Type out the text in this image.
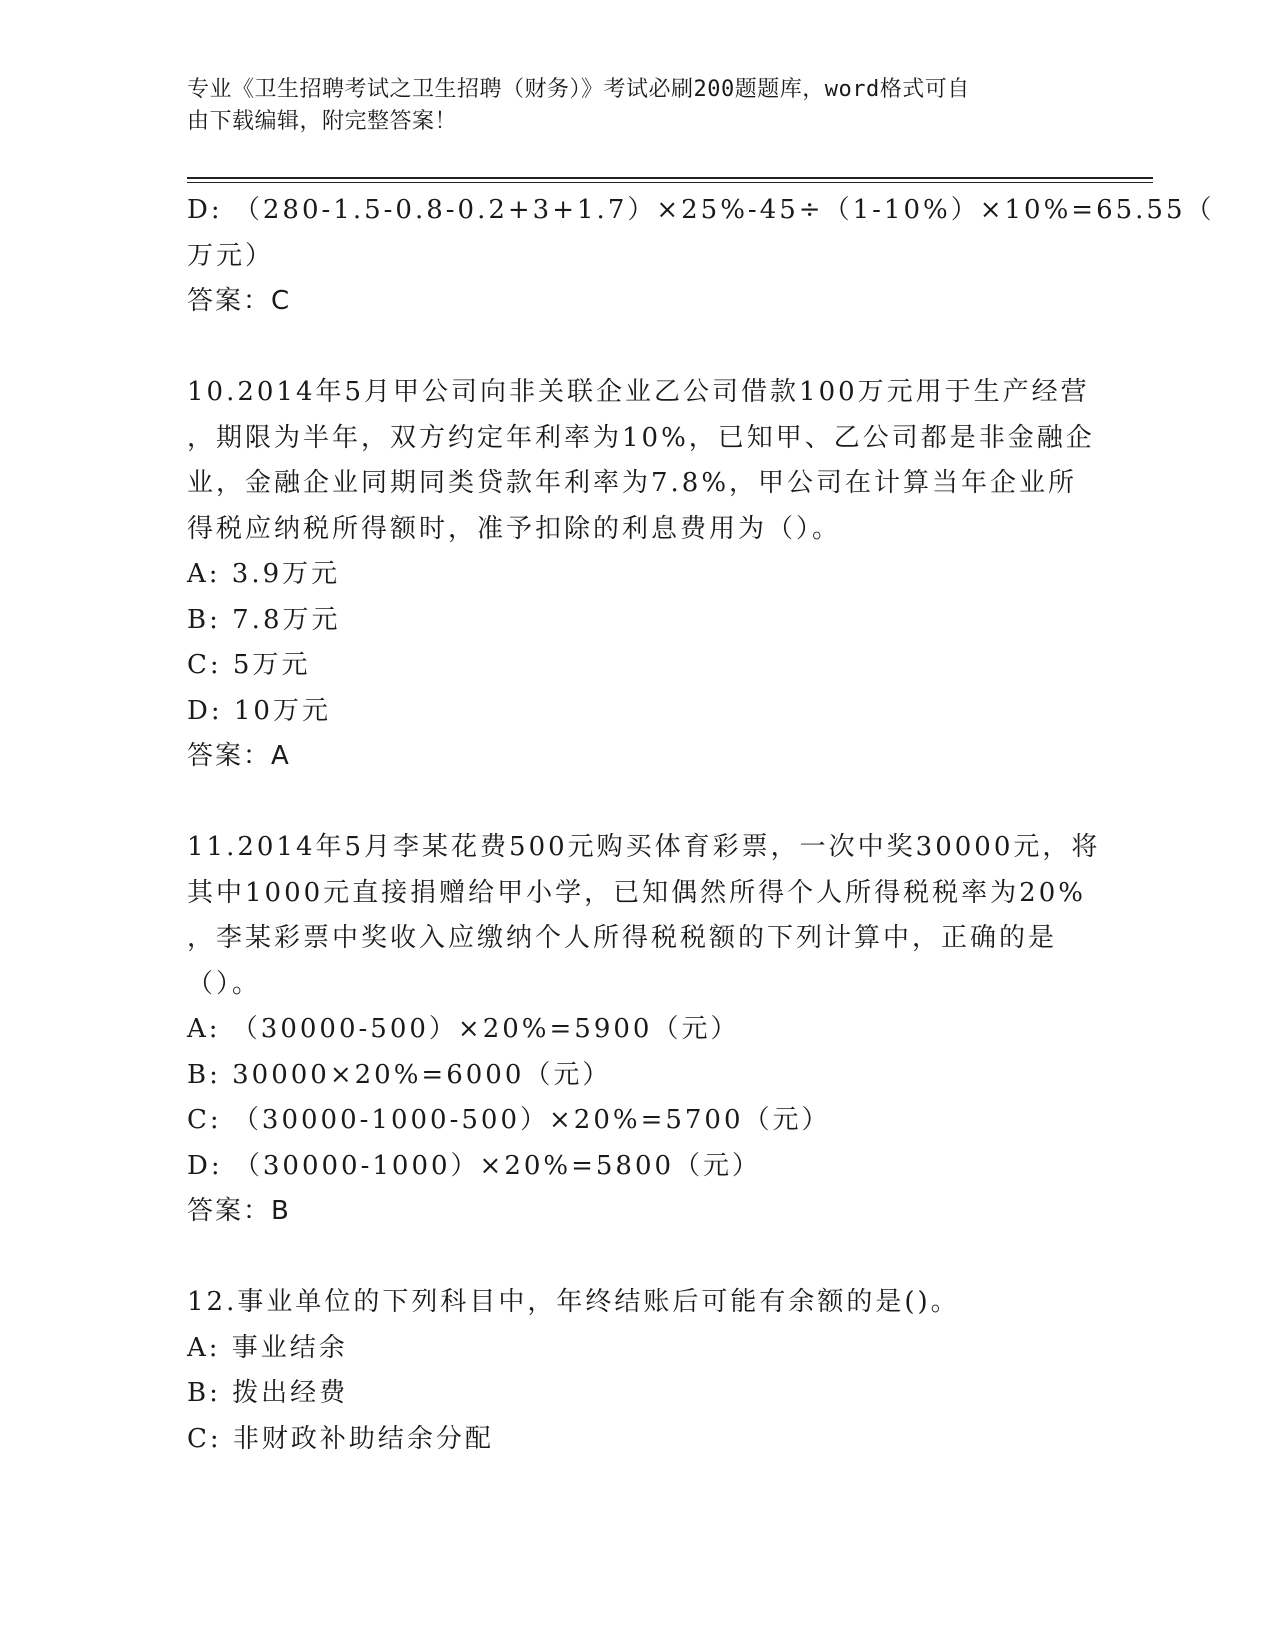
专业《卫生招聘考试之卫生招聘（财务）》考试必刷200题题库，word格式可自
由下载编辑，附完整答案！
D: （280-1.5-0.8-0.2+3+1.7）×25%-45÷（1-10%）×10%=65.55（
万元）
答案：C
10.2014年5月甲公司向非关联企业乙公司借款100万元用于生产经营
，期限为半年，双方约定年利率为10%，已知甲、乙公司都是非金融企
业，金融企业同期同类贷款年利率为7.8%，甲公司在计算当年企业所
得税应纳税所得额时，准予扣除的利息费用为（）。
A: 3.9万元
B: 7.8万元
C: 5万元
D: 10万元
答案：A
11.2014年5月李某花费500元购买体育彩票，一次中奖30000元，将
其中1000元直接捐赠给甲小学，已知偶然所得个人所得税税率为20%
，李某彩票中奖收入应缴纳个人所得税税额的下列计算中，正确的是
（）。
A: （30000-500）×20%=5900（元）
B: 30000×20%=6000（元）
C: （30000-1000-500）×20%=5700（元）
D: （30000-1000）×20%=5800（元）
答案：B
12.事业单位的下列科目中，年终结账后可能有余额的是()。
A: 事业结余
B: 拨出经费
C: 非财政补助结余分配
